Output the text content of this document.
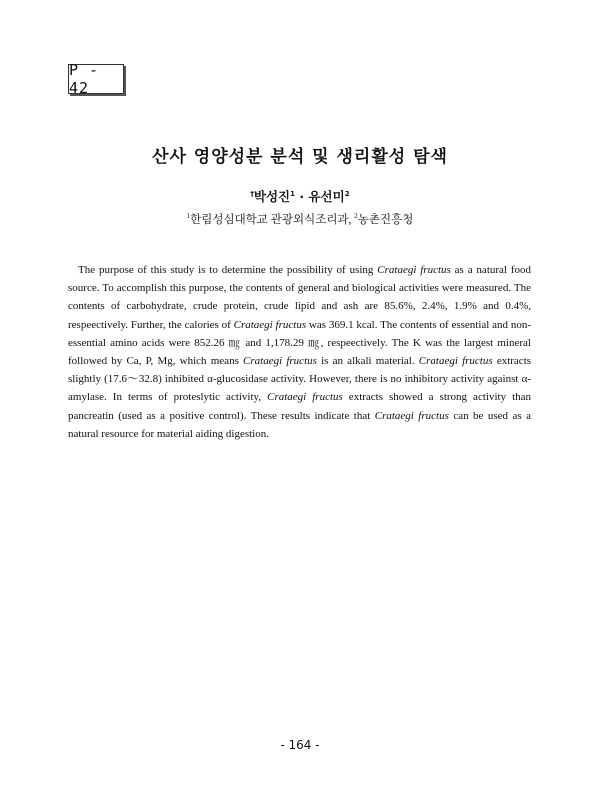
P - 42
산사 영양성분 분석 및 생리활성 탐색
†박성진$^1$ · 유선미$^2$
$^1$한림성심대학교 관광외식조리과, $^2$농촌진흥청
The purpose of this study is to determine the possibility of using Crataegi fructus as a natural food source. To accomplish this purpose, the contents of general and biological activities were measured. The contents of carbohydrate, crude protein, crude lipid and ash are 85.6%, 2.4%, 1.9% and 0.4%, respeectively. Further, the calories of Crataegi fructus was 369.1 kcal. The contents of essential and non-essential amino acids were 852.26 ㎎ and 1,178.29 ㎎, respeectively. The K was the largest mineral followed by Ca, P, Mg, which means Crataegi fructus is an alkali material. Crataegi fructus extracts slightly (17.6～32.8) inhibited α-glucosidase activity. However, there is no inhibitory activity against α-amylase. In terms of proteslytic activity, Crataegi fructus extracts showed a strong activity than pancreatin (used as a positive control). These results indicate that Crataegi fructus can be used as a natural resource for material aiding digestion.
- 164 -
